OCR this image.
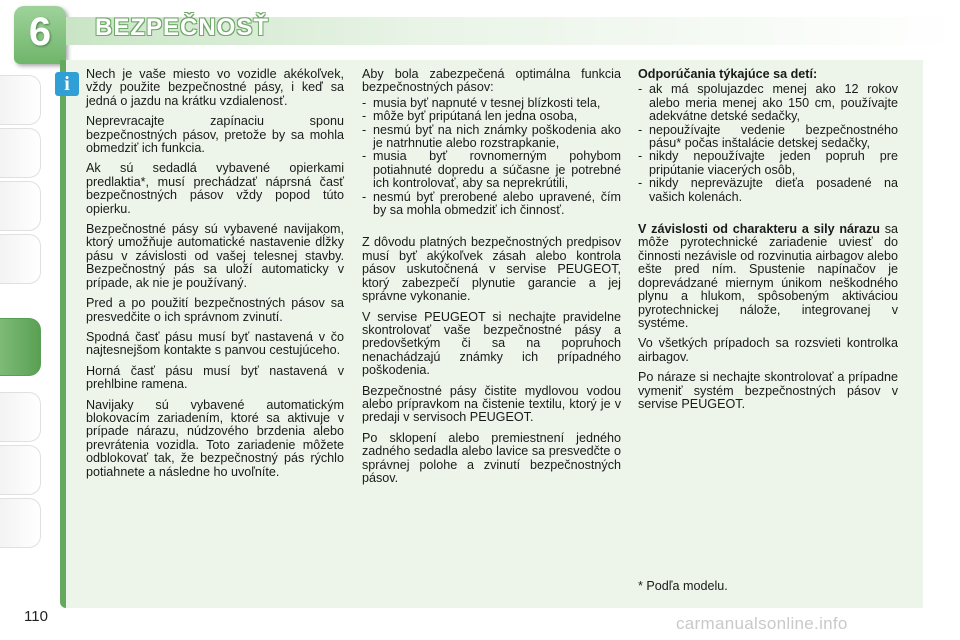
6	BEZPEČNOSŤ
i	Nech je vaše miesto vo vozidle akékoľvek, vždy použite bezpečnostné pásy, i keď sa jedná o jazdu na krátku vzdialenosť.

Neprevracajte zapínaciu sponu bezpečnostných pásov, pretože by sa mohla obmedziť ich funkcia.

Ak sú sedadlá vybavené opierkami predlaktia*, musí prechádzať náprsná časť bezpečnostných pásov vždy popod túto opierku.

Bezpečnostné pásy sú vybavené navijakom, ktorý umožňuje automatické nastavenie dĺžky pásu v závislosti od vašej telesnej stavby. Bezpečnostný pás sa uloží automaticky v prípade, ak nie je používaný.

Pred a po použití bezpečnostných pásov sa presvedčite o ich správnom zvinutí.

Spodná časť pásu musí byť nastavená v čo najtesnejšom kontakte s panvou cestujúceho.

Horná časť pásu musí byť nastavená v prehlbine ramena.

Navijaky sú vybavené automatickým blokovacím zariadením, ktoré sa aktivuje v prípade nárazu, núdzového brzdenia alebo prevrátenia vozidla. Toto zariadenie môžete odblokovať tak, že bezpečnostný pás rýchlo potiahnete a následne ho uvoľníte.

Aby bola zabezpečená optimálna funkcia bezpečnostných pásov:

- musia byť napnuté v tesnej blízkosti tela,
- môže byť pripútaná len jedna osoba,
- nesmú byť na nich známky poškodenia ako je natrhnutie alebo rozstrapkanie,
- musia byť rovnomerným pohybom potiahnuté dopredu a súčasne je potrebné ich kontrolovať, aby sa neprekrútili,
- nesmú byť prerobené alebo upravené, čím by sa mohla obmedziť ich činnosť.

Z dôvodu platných bezpečnostných predpisov musí byť akýkoľvek zásah alebo kontrola pásov uskutočnená v servise PEUGEOT, ktorý zabezpečí plynutie garancie a jej správne vykonanie.

V servise PEUGEOT si nechajte pravidelne skontrolovať vaše bezpečnostné pásy a predovšetkým či sa na popruhoch nenachádzajú známky ich prípadného poškodenia.

Bezpečnostné pásy čistite mydlovou vodou alebo prípravkom na čistenie textilu, ktorý je v predaji v servisoch PEUGEOT.

Po sklopení alebo premiestnení jedného zadného sedadla alebo lavice sa presvedčte o správnej polohe a zvinutí bezpečnostných pásov.

Odporúčania týkajúce sa detí:

- ak má spolujazdec menej ako 12 rokov alebo meria menej ako 150 cm, používajte adekvátne detské sedačky,
- nepoužívajte vedenie bezpečnostného pásu* počas inštalácie detskej sedačky,
- nikdy nepoužívajte jeden popruh pre pripútanie viacerých osôb,
- nikdy nepreväzujte dieťa posadené na vašich kolenách.

V závislosti od charakteru a sily nárazu sa môže pyrotechnické zariadenie uviesť do činnosti nezávisle od rozvinutia airbagov alebo ešte pred ním. Spustenie napínačov je doprevádzané miernym únikom neškodného plynu a hlukom, spôsobeným aktiváciou pyrotechnickej nálože, integrovanej v systéme.

Vo všetkých prípadoch sa rozsvieti kontrolka airbagov.

Po náraze si nechajte skontrolovať a prípadne vymeniť systém bezpečnostných pásov v servise PEUGEOT.

* Podľa modelu.
110	carmanualsonline.info
